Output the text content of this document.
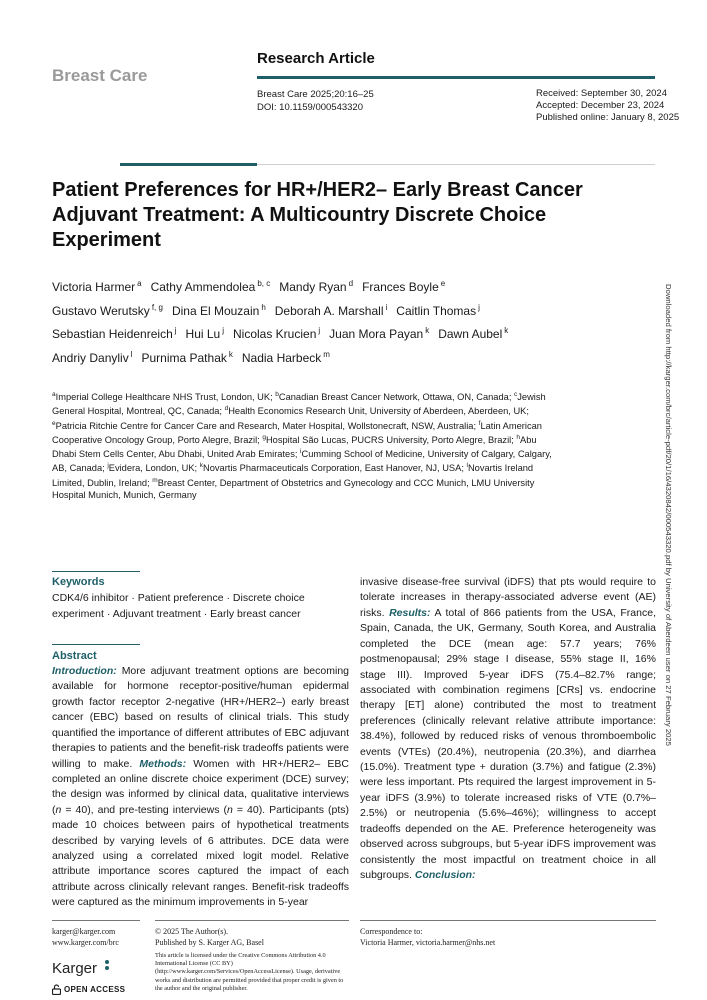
Breast Care
Research Article
Breast Care 2025;20:16–25
DOI: 10.1159/000543320
Received: September 30, 2024
Accepted: December 23, 2024
Published online: January 8, 2025
Patient Preferences for HR+/HER2– Early Breast Cancer Adjuvant Treatment: A Multicountry Discrete Choice Experiment
Victoria Harmer $^a$ Cathy Ammendolea $^{b, c}$ Mandy Ryan $^d$ Frances Boyle $^e$Gustavo Werutsky $^{f, g}$ Dina El Mouzain $^h$ Deborah A. Marshall $^i$ Caitlin Thomas $^j$Sebastian Heidenreich $^j$ Hui Lu $^j$ Nicolas Krucien $^j$ Juan Mora Payan $^k$ Dawn Aubel $^k$Andriy Danyliv $^l$ Purnima Pathak $^k$ Nadia Harbeck $^m$
$^a$Imperial College Healthcare NHS Trust, London, UK; $^b$Canadian Breast Cancer Network, Ottawa, ON, Canada; $^c$Jewish General Hospital, Montreal, QC, Canada; $^d$Health Economics Research Unit, University of Aberdeen, Aberdeen, UK; $^e$Patricia Ritchie Centre for Cancer Care and Research, Mater Hospital, Wollstonecraft, NSW, Australia; $^f$Latin American Cooperative Oncology Group, Porto Alegre, Brazil; $^g$Hospital São Lucas, PUCRS University, Porto Alegre, Brazil; $^h$Abu Dhabi Stem Cells Center, Abu Dhabi, United Arab Emirates; $^i$Cumming School of Medicine, University of Calgary, Calgary, AB, Canada; $^j$Evidera, London, UK; $^k$Novartis Pharmaceuticals Corporation, East Hanover, NJ, USA; $^l$Novartis Ireland Limited, Dublin, Ireland; $^m$Breast Center, Department of Obstetrics and Gynecology and CCC Munich, LMU University Hospital Munich, Munich, Germany	Downloaded from http://karger.com/brc/article-pdf/20/1/16/4320842/000543320.pdf by University of Aberdeen user on 27 February 2025
Keywords
CDK4/6 inhibitor · Patient preference · Discrete choice experiment · Adjuvant treatment · Early breast cancer
Abstract
Introduction: More adjuvant treatment options are becoming available for hormone receptor-positive/human epidermal growth factor receptor 2-negative (HR+/HER2–) early breast cancer (EBC) based on results of clinical trials. This study quantified the importance of different attributes of EBC adjuvant therapies to patients and the benefit-risk tradeoffs patients were willing to make. Methods: Women with HR+/HER2– EBC completed an online discrete choice experiment (DCE) survey; the design was informed by clinical data, qualitative interviews (n = 40), and pre-testing interviews (n = 40). Participants (pts) made 10 choices between pairs of hypothetical treatments described by varying levels of 6 attributes. DCE data were analyzed using a correlated mixed logit model. Relative attribute importance scores captured the impact of each attribute across clinically relevant ranges. Benefit-risk tradeoffs were captured as the minimum improvements in 5-year
invasive disease-free survival (iDFS) that pts would require to tolerate increases in therapy-associated adverse event (AE) risks. Results: A total of 866 patients from the USA, France, Spain, Canada, the UK, Germany, South Korea, and Australia completed the DCE (mean age: 57.7 years; 76% postmenopausal; 29% stage I disease, 55% stage II, 16% stage III). Improved 5-year iDFS (75.4–82.7% range; associated with combination regimens [CRs] vs. endocrine therapy [ET] alone) contributed the most to treatment preferences (clinically relevant relative attribute importance: 38.4%), followed by reduced risks of venous thromboembolic events (VTEs) (20.4%), neutropenia (20.3%), and diarrhea (15.0%). Treatment type + duration (3.7%) and fatigue (2.3%) were less important. Pts required the largest improvement in 5-year iDFS (3.9%) to tolerate increased risks of VTE (0.7%–2.5%) or neutropenia (5.6%–46%); willingness to accept tradeoffs depended on the AE. Preference heterogeneity was observed across subgroups, but 5-year iDFS improvement was consistently the most impactful on treatment choice in all subgroups. Conclusion:
karger@karger.com
www.karger.com/brc
Karger
OPEN ACCESS
© 2025 The Author(s).
Published by S. Karger AG, Basel
This article is licensed under the Creative Commons Attribution 4.0 International License (CC BY) (http://www.karger.com/Services/OpenAccessLicense). Usage, derivative works and distribution are permitted provided that proper credit is given to the author and the original publisher.
Correspondence to:
Victoria Harmer, victoria.harmer@nhs.net
